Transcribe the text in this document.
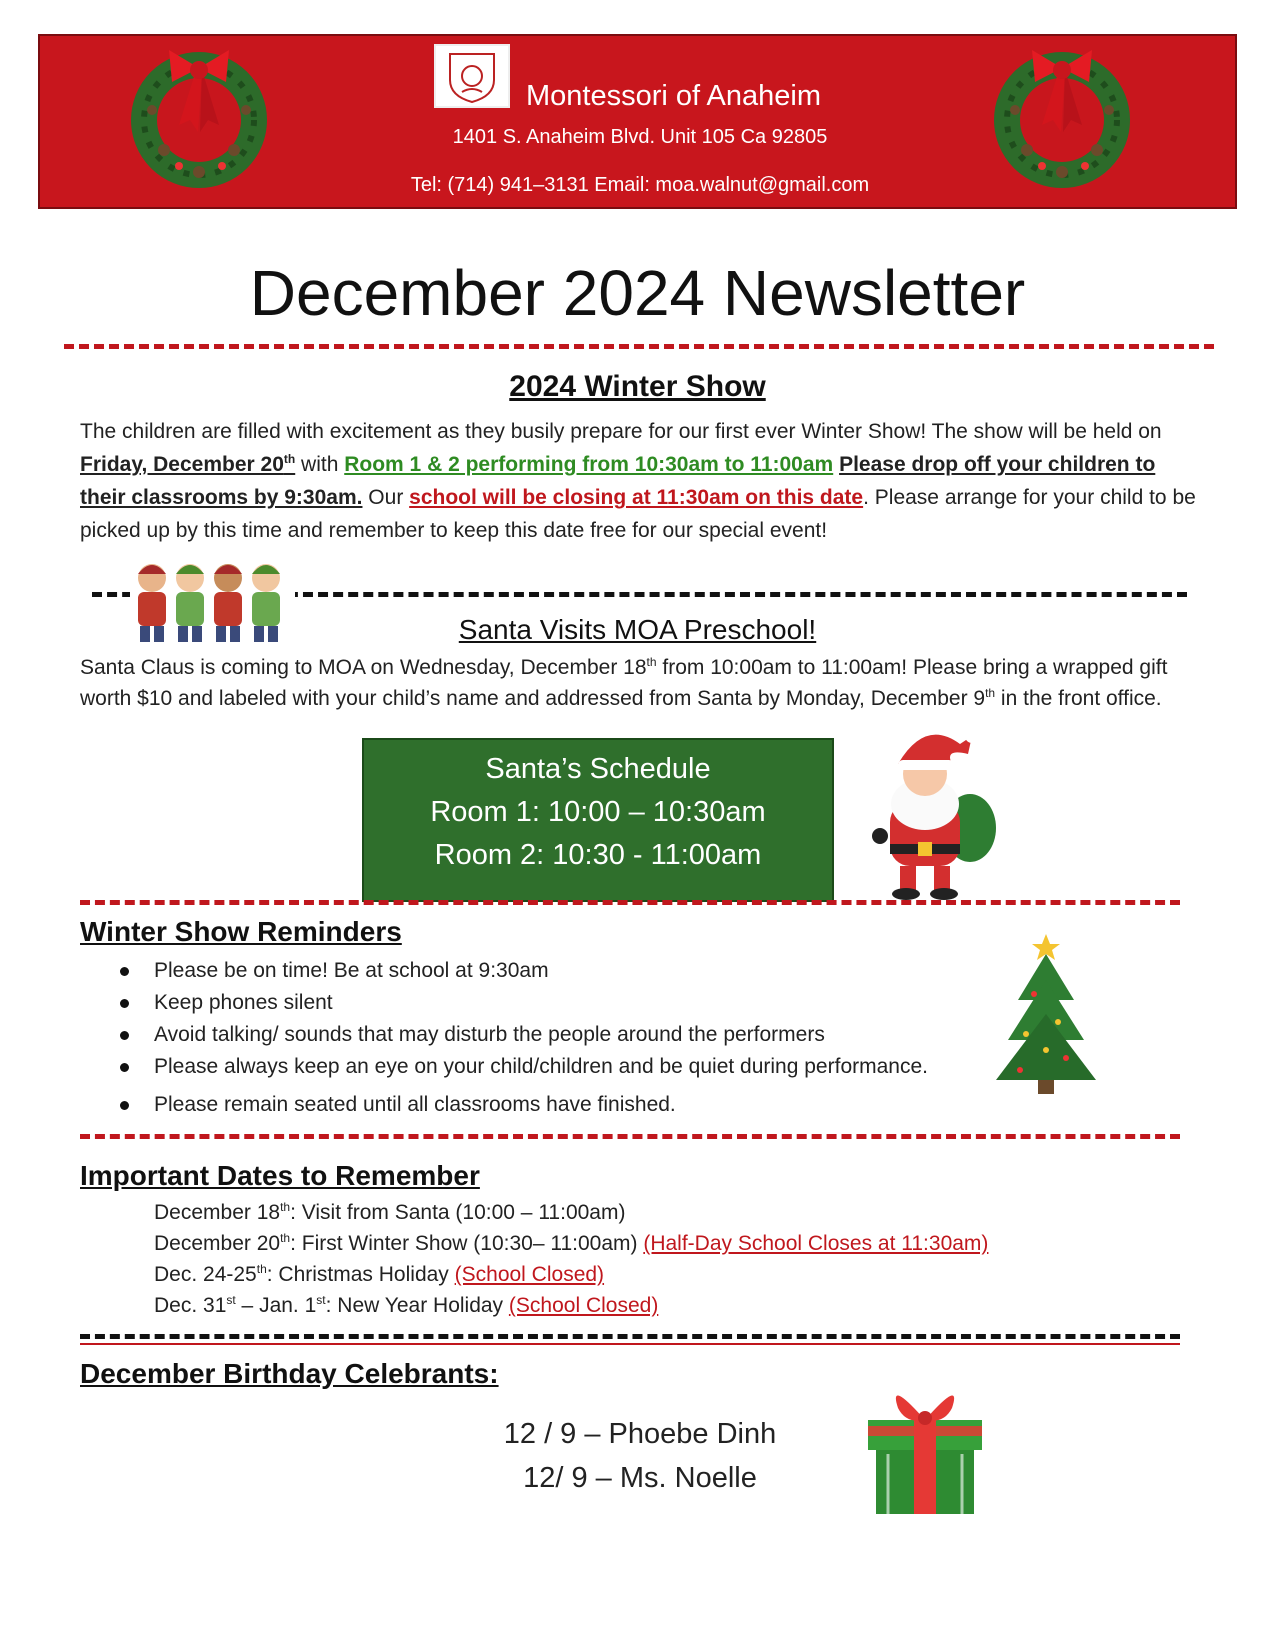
Montessori of Anaheim
1401 S. Anaheim Blvd. Unit 105 Ca 92805
Tel: (714) 941–3131 Email: moa.walnut@gmail.com
December 2024 Newsletter
2024 Winter Show
The children are filled with excitement as they busily prepare for our first ever Winter Show! The show will be held on Friday, December 20th with Room 1 & 2 performing from 10:30am to 11:00am Please drop off your children to their classrooms by 9:30am. Our school will be closing at 11:30am on this date. Please arrange for your child to be picked up by this time and remember to keep this date free for our special event!
Santa Visits MOA Preschool!
Santa Claus is coming to MOA on Wednesday, December 18th from 10:00am to 11:00am! Please bring a wrapped gift worth $10 and labeled with your child’s name and addressed from Santa by Monday, December 9th in the front office.
Santa’s Schedule
Room 1: 10:00 – 10:30am
Room 2: 10:30 - 11:00am
Winter Show Reminders
Please be on time! Be at school at 9:30am
Keep phones silent
Avoid talking/ sounds that may disturb the people around the performers
Please always keep an eye on your child/children and be quiet during performance.
Please remain seated until all classrooms have finished.
Important Dates to Remember
December 18th: Visit from Santa (10:00 – 11:00am)
December 20th: First Winter Show (10:30– 11:00am) (Half-Day School Closes at 11:30am)
Dec. 24-25th: Christmas Holiday (School Closed)
Dec. 31st – Jan. 1st: New Year Holiday (School Closed)
December Birthday Celebrants:
12 / 9 – Phoebe Dinh
12/ 9 – Ms. Noelle
